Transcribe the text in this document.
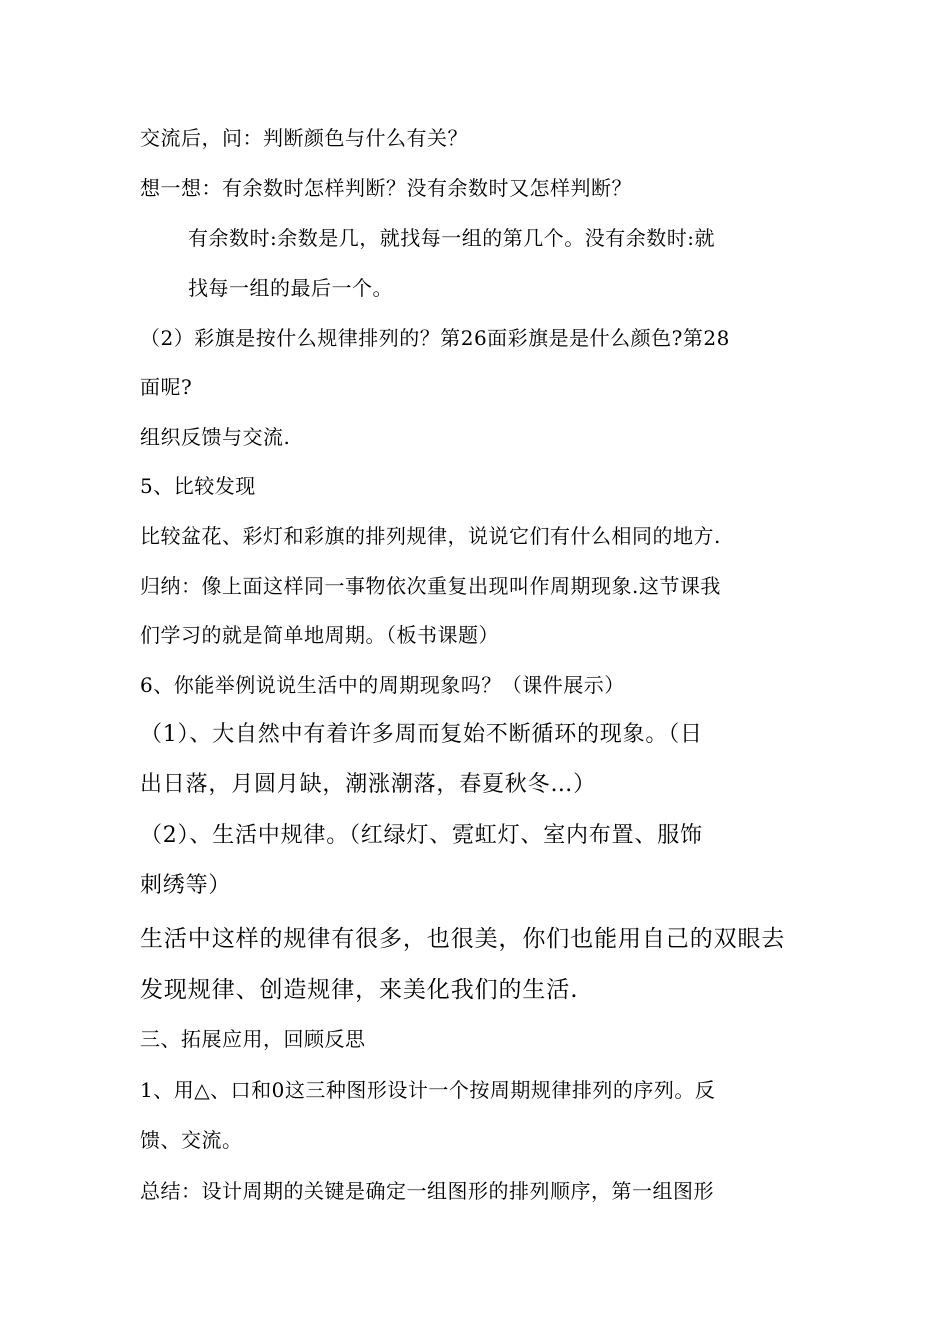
交流后，问：判断颜色与什么有关？
想一想：有余数时怎样判断？没有余数时又怎样判断？
有余数时:余数是几，就找每一组的第几个。没有余数时:就
找每一组的最后一个。
（2）彩旗是按什么规律排列的？第26面彩旗是是什么颜色?第28
面呢?
组织反馈与交流.
5、比较发现
比较盆花、彩灯和彩旗的排列规律，说说它们有什么相同的地方.
归纳：像上面这样同一事物依次重复出现叫作周期现象.这节课我
们学习的就是简单地周期。（板书课题）
6、你能举例说说生活中的周期现象吗？（课件展示）
（1）、大自然中有着许多周而复始不断循环的现象。（日
出日落，月圆月缺，潮涨潮落，春夏秋冬…）
（2）、生活中规律。（红绿灯、霓虹灯、室内布置、服饰
刺绣等）
生活中这样的规律有很多，也很美，你们也能用自己的双眼去
发现规律、创造规律，来美化我们的生活.
三、拓展应用，回顾反思
1、用△、口和0这三种图形设计一个按周期规律排列的序列。反
馈、交流。
总结：设计周期的关键是确定一组图形的排列顺序，第一组图形
